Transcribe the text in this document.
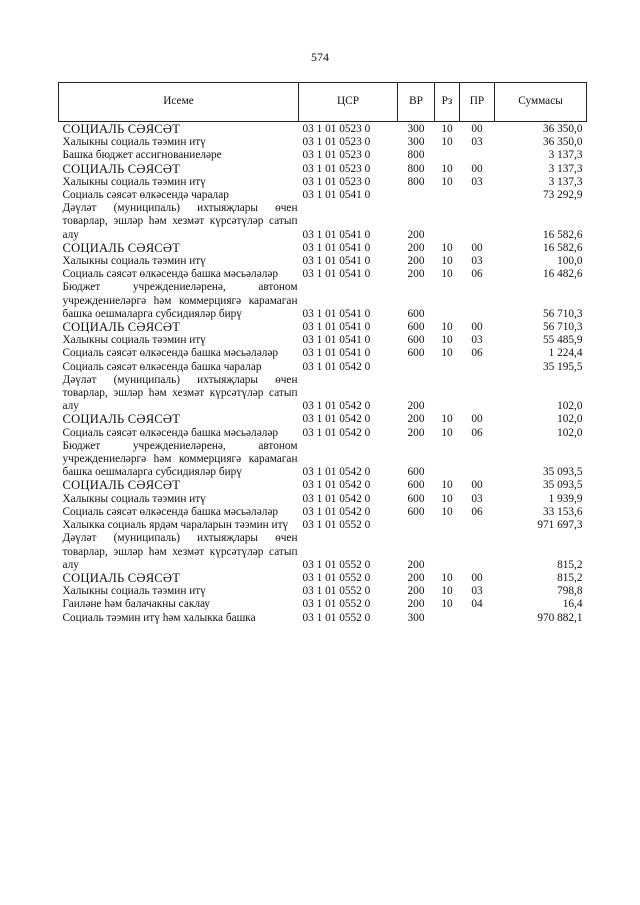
574
Исеме	ЦСР	ВР	Рз	ПР	Суммасы
СОЦИАЛЬ СӘЯСӘТ	03 1 01 0523 0	300	10	00	36 350,0
Халыкны социаль тәэмин итү	03 1 01 0523 0	300	10	03	36 350,0
Башка бюджет ассигнованиеләре	03 1 01 0523 0	800			3 137,3
СОЦИАЛЬ СӘЯСӘТ	03 1 01 0523 0	800	10	00	3 137,3
Халыкны социаль тәэмин итү	03 1 01 0523 0	800	10	03	3 137,3
Социаль сәясәт өлкәсендә чаралар	03 1 01 0541 0				73 292,9
Дәүләт (муниципаль) ихтыяҗлары өчен товарлар, эшләр һәм хезмәт күрсәтүләр сатып алу	03 1 01 0541 0	200			16 582,6
СОЦИАЛЬ СӘЯСӘТ	03 1 01 0541 0	200	10	00	16 582,6
Халыкны социаль тәэмин итү	03 1 01 0541 0	200	10	03	100,0
Социаль сәясәт өлкәсендә башка мәсьәләләр	03 1 01 0541 0	200	10	06	16 482,6
Бюджет учреждениеләренә, автоном учреждениеләргә һәм коммерциягә карамаган башка оешмаларга субсидияләр бирү	03 1 01 0541 0	600			56 710,3
СОЦИАЛЬ СӘЯСӘТ	03 1 01 0541 0	600	10	00	56 710,3
Халыкны социаль тәэмин итү	03 1 01 0541 0	600	10	03	55 485,9
Социаль сәясәт өлкәсендә башка мәсьәләләр	03 1 01 0541 0	600	10	06	1 224,4
Социаль сәясәт өлкәсендә башка чаралар	03 1 01 0542 0				35 195,5
Дәүләт (муниципаль) ихтыяҗлары өчен товарлар, эшләр һәм хезмәт күрсәтүләр сатып алу	03 1 01 0542 0	200			102,0
СОЦИАЛЬ СӘЯСӘТ	03 1 01 0542 0	200	10	00	102,0
Социаль сәясәт өлкәсендә башка мәсьәләләр	03 1 01 0542 0	200	10	06	102,0
Бюджет учреждениеләренә, автоном учреждениеләргә һәм коммерциягә карамаган башка оешмаларга субсидияләр бирү	03 1 01 0542 0	600			35 093,5
СОЦИАЛЬ СӘЯСӘТ	03 1 01 0542 0	600	10	00	35 093,5
Халыкны социаль тәэмин итү	03 1 01 0542 0	600	10	03	1 939,9
Социаль сәясәт өлкәсендә башка мәсьәләләр	03 1 01 0542 0	600	10	06	33 153,6
Халыкка социаль ярдәм чараларын тәэмин итү	03 1 01 0552 0				971 697,3
Дәүләт (муниципаль) ихтыяҗлары өчен товарлар, эшләр һәм хезмәт күрсәтүләр сатып алу	03 1 01 0552 0	200			815,2
СОЦИАЛЬ СӘЯСӘТ	03 1 01 0552 0	200	10	00	815,2
Халыкны социаль тәэмин итү	03 1 01 0552 0	200	10	03	798,8
Гаиләне һәм балачакны саклау	03 1 01 0552 0	200	10	04	16,4
Социаль тәэмин итү һәм халыкка башка	03 1 01 0552 0	300			970 882,1
